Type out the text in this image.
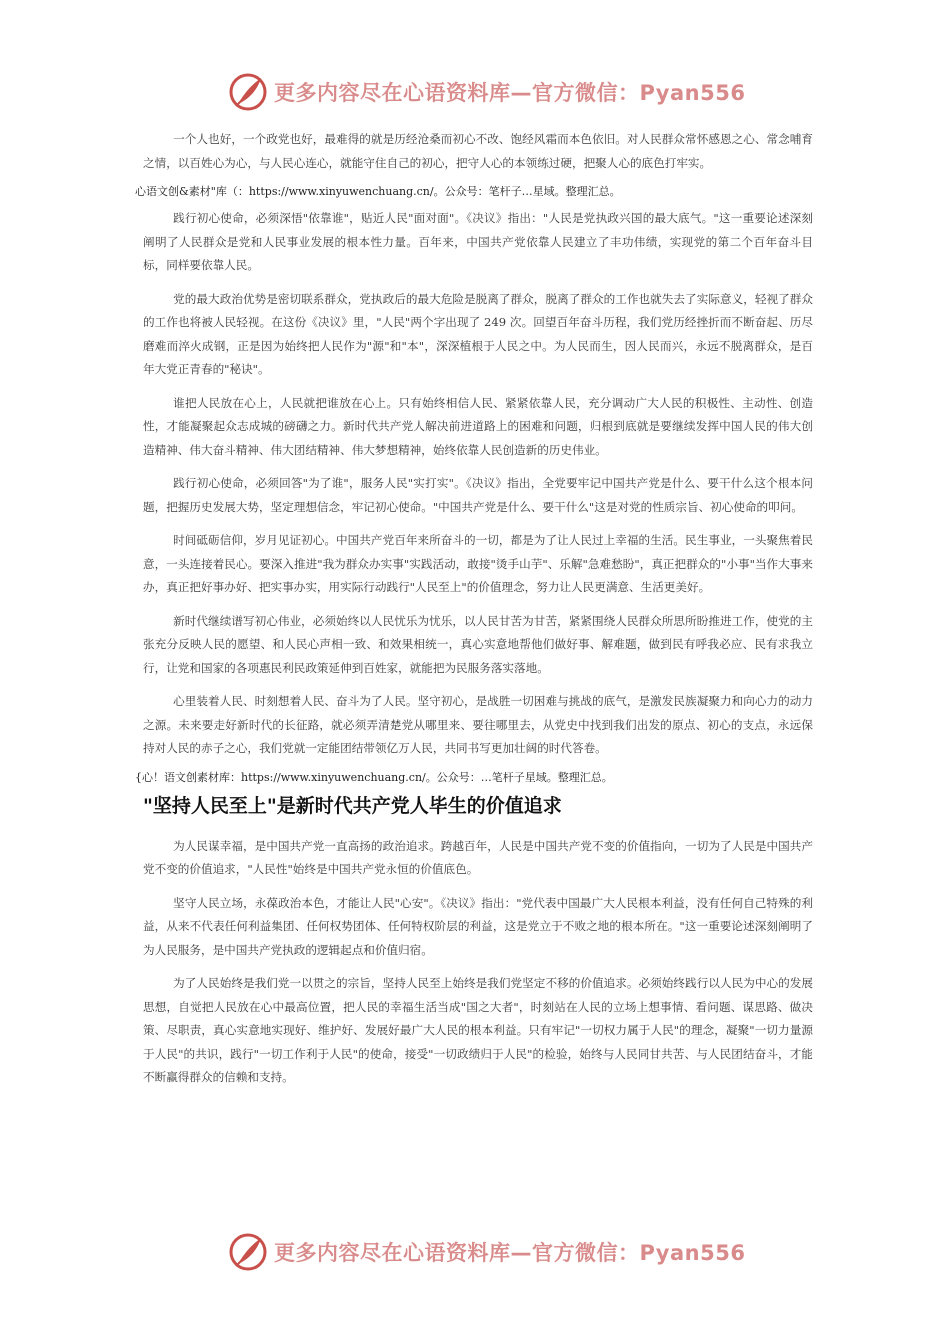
更多内容尽在心语资料库—官方微信：Pyan556

一个人也好，一个政党也好，最难得的就是历经沧桑而初心不改、饱经风霜而本色依旧。对人民群众常怀感恩之心、常念哺育之情，以百姓心为心，与人民心连心，就能守住自己的初心，把守人心的本领练过硬，把聚人心的底色打牢实。

心语文创&素材"库（：https://www.xinyuwenchuang.cn/。公众号：笔杆子…星域。整理汇总。

践行初心使命，必须深悟"依靠谁"，贴近人民"面对面"。《决议》指出："人民是党执政兴国的最大底气。"这一重要论述深刻阐明了人民群众是党和人民事业发展的根本性力量。百年来，中国共产党依靠人民建立了丰功伟绩，实现党的第二个百年奋斗目标，同样要依靠人民。

党的最大政治优势是密切联系群众，党执政后的最大危险是脱离了群众，脱离了群众的工作也就失去了实际意义，轻视了群众的工作也将被人民轻视。在这份《决议》里，"人民"两个字出现了 249 次。回望百年奋斗历程，我们党历经挫折而不断奋起、历尽磨难而淬火成钢，正是因为始终把人民作为"源"和"本"，深深植根于人民之中。为人民而生，因人民而兴，永远不脱离群众，是百年大党正青春的"秘诀"。

谁把人民放在心上，人民就把谁放在心上。只有始终相信人民、紧紧依靠人民，充分调动广大人民的积极性、主动性、创造性，才能凝聚起众志成城的磅礴之力。新时代共产党人解决前进道路上的困难和问题，归根到底就是要继续发挥中国人民的伟大创造精神、伟大奋斗精神、伟大团结精神、伟大梦想精神，始终依靠人民创造新的历史伟业。

践行初心使命，必须回答"为了谁"，服务人民"实打实"。《决议》指出，全党要牢记中国共产党是什么、要干什么这个根本问题，把握历史发展大势，坚定理想信念，牢记初心使命。"中国共产党是什么、要干什么"这是对党的性质宗旨、初心使命的叩问。

时间砥砺信仰，岁月见证初心。中国共产党百年来所奋斗的一切，都是为了让人民过上幸福的生活。民生事业，一头聚焦着民意，一头连接着民心。要深入推进"我为群众办实事"实践活动，敢接"烫手山芋"、乐解"急难愁盼"，真正把群众的"小事"当作大事来办，真正把好事办好、把实事办实，用实际行动践行"人民至上"的价值理念，努力让人民更满意、生活更美好。

新时代继续谱写初心伟业，必须始终以人民忧乐为忧乐，以人民甘苦为甘苦，紧紧围绕人民群众所思所盼推进工作，使党的主张充分反映人民的愿望、和人民心声相一致、和效果相统一，真心实意地帮他们做好事、解难题，做到民有呼我必应、民有求我立行，让党和国家的各项惠民利民政策延伸到百姓家，就能把为民服务落实落地。

心里装着人民、时刻想着人民、奋斗为了人民。坚守初心，是战胜一切困难与挑战的底气，是激发民族凝聚力和向心力的动力之源。未来要走好新时代的长征路，就必须弄清楚党从哪里来、要往哪里去，从党史中找到我们出发的原点、初心的支点，永远保持对人民的赤子之心，我们党就一定能团结带领亿万人民，共同书写更加壮阔的时代答卷。

{心！语文创素材库：https://www.xinyuwenchuang.cn/。公众号：…笔杆子星域。整理汇总。

"坚持人民至上"是新时代共产党人毕生的价值追求

为人民谋幸福，是中国共产党一直高扬的政治追求。跨越百年，人民是中国共产党不变的价值指向，一切为了人民是中国共产党不变的价值追求，"人民性"始终是中国共产党永恒的价值底色。

坚守人民立场，永葆政治本色，才能让人民"心安"。《决议》指出："党代表中国最广大人民根本利益，没有任何自己特殊的利益，从来不代表任何利益集团、任何权势团体、任何特权阶层的利益，这是党立于不败之地的根本所在。"这一重要论述深刻阐明了为人民服务，是中国共产党执政的逻辑起点和价值归宿。

为了人民始终是我们党一以贯之的宗旨，坚持人民至上始终是我们党坚定不移的价值追求。必须始终践行以人民为中心的发展思想，自觉把人民放在心中最高位置，把人民的幸福生活当成"国之大者"，时刻站在人民的立场上想事情、看问题、谋思路、做决策、尽职责，真心实意地实现好、维护好、发展好最广大人民的根本利益。只有牢记"一切权力属于人民"的理念，凝聚"一切力量源于人民"的共识，践行"一切工作利于人民"的使命，接受"一切政绩归于人民"的检验，始终与人民同甘共苦、与人民团结奋斗，才能不断赢得群众的信赖和支持。

更多内容尽在心语资料库—官方微信：Pyan556
